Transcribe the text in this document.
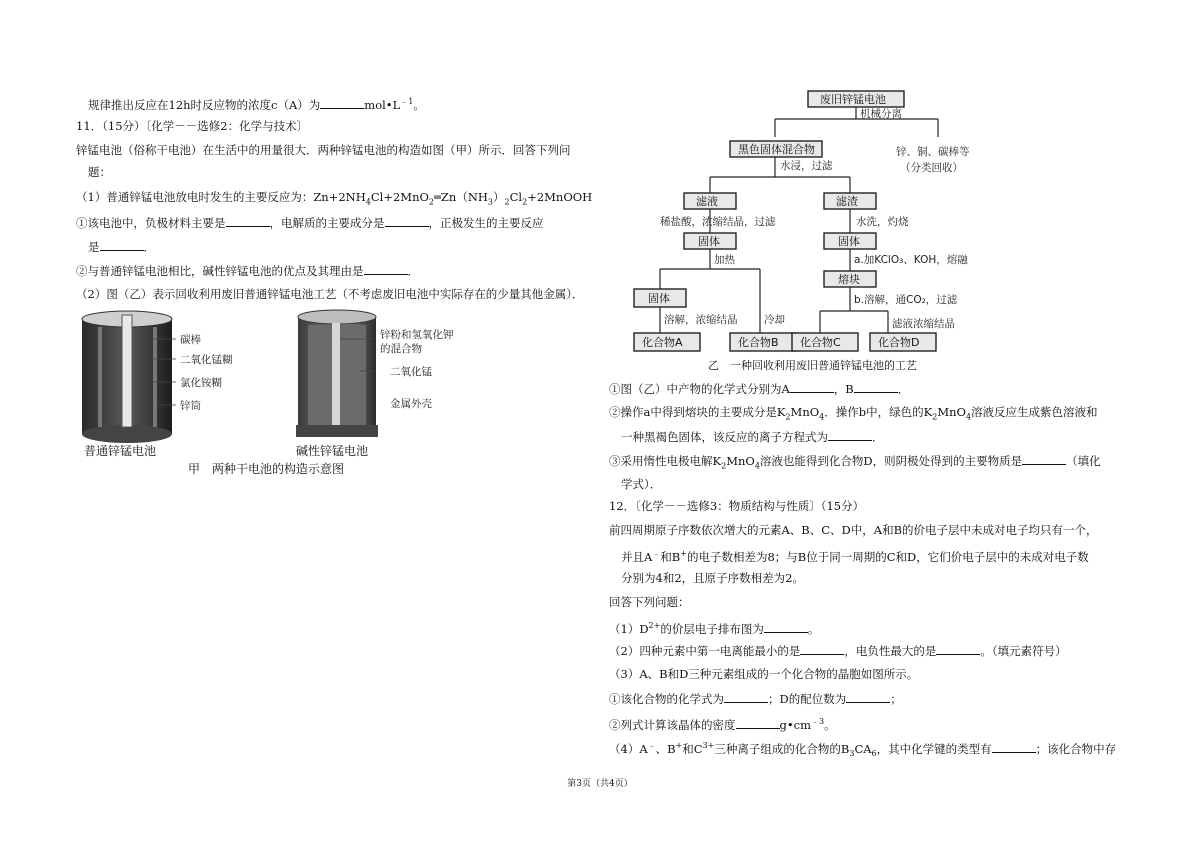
规律推出反应在12h时反应物的浓度c（A）为	$mol•L^{﹣1}$。
11．（15分）〔化学－－选修2：化学与技术〕
锌锰电池（俗称干电池）在生活中的用量很大．两种锌锰电池的构造如图（甲）所示．回答下列问
题：
（1）普通锌锰电池放电时发生的主要反应为：$Zn+2NH_4Cl+2MnO_2═Zn(NH_3)_2Cl_2+2MnOOH$
①该电池中，负极材料主要是	，电解质的主要成分是	，正极发生的主要反应
是	．
②与普通锌锰电池相比，碱性锌锰电池的优点及其理由是	．
（2）图（乙）表示回收利用废旧普通锌锰电池工艺（不考虑废旧电池中实际存在的少量其他金属）．
碳棒
二氧化锰糊
氯化铵糊
锌筒
普通锌锰电池
锌粉和氢氧化钾
的混合物
二氧化锰
金属外壳
碱性锌锰电池
甲　两种干电池的构造示意图
废旧锌锰电池
机械分离
黑色固体混合物	锌、铜、碳棒等
（分类回收）
水浸，过滤
滤液	滤渣
稀盐酸，浓缩结晶，过滤	水洗，灼烧
固体	固体
加热	a.加KClO₃、KOH，熔融
熔块
b.溶解，通CO₂，过滤
固体
溶解，浓缩结晶	冷却	滤液浓缩结晶
化合物A	化合物B 化合物C	化合物D
乙　一种回收利用废旧普通锌锰电池的工艺
①图（乙）中产物的化学式分别为A	，B	．
②操作a中得到熔块的主要成分是$K_2MnO_4$．操作b中，绿色的$K_2MnO_4$溶液反应生成紫色溶液和
一种黑褐色固体，该反应的离子方程式为	．
③采用惰性电极电解$K_2MnO_4$溶液也能得到化合物D，则阴极处得到的主要物质是	（填化
学式）．
12．〔化学－－选修3：物质结构与性质〕（15分）
前四周期原子序数依次增大的元素A、B、C、D中，A和B的价电子层中未成对电子均只有一个，
并且A﹣和B+的电子数相差为8；与B位于同一周期的C和D，它们价电子层中的未成对电子数
分别为4和2，且原子序数相差为2。
回答下列问题：
$(1)D^{2+}$的价层电子排布图为	。
（2）四种元素中第一电离能最小的是	，电负性最大的是	。（填元素符号）
（3）A、B和D三种元素组成的一个化合物的晶胞如图所示。
①该化合物的化学式为	；D的配位数为	；
②列式计算该晶体的密度	$g•cm^{﹣3}$。
（4）A﹣、B+和$C^{3+}$三种离子组成的化合物的$B_3CA_6$，其中化学键的类型有	；该化合物中存
第3页（共4页）
